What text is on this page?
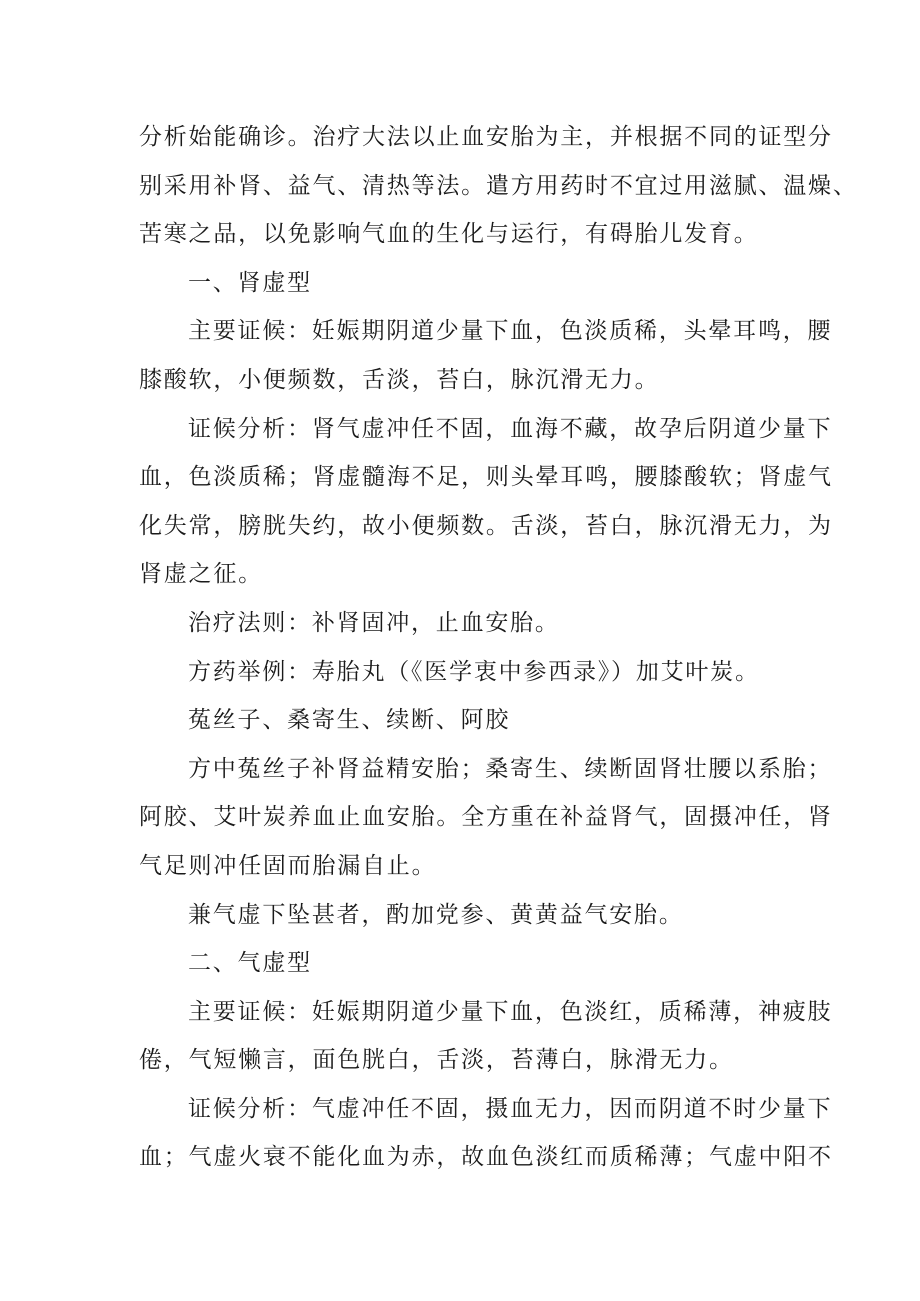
分析始能确诊。治疗大法以止血安胎为主，并根据不同的证型分
别采用补肾、益气、清热等法。遣方用药时不宜过用滋腻、温燥、
苦寒之品，以免影响气血的生化与运行，有碍胎儿发育。
一、肾虚型
主要证候：妊娠期阴道少量下血，色淡质稀，头晕耳鸣，腰
膝酸软，小便频数，舌淡，苔白，脉沉滑无力。
证候分析：肾气虚冲任不固，血海不藏，故孕后阴道少量下
血，色淡质稀；肾虚髓海不足，则头晕耳鸣，腰膝酸软；肾虚气
化失常，膀胱失约，故小便频数。舌淡，苔白，脉沉滑无力，为
肾虚之征。
治疗法则：补肾固冲，止血安胎。
方药举例：寿胎丸（《医学衷中参西录》）加艾叶炭。
菟丝子、桑寄生、续断、阿胶
方中菟丝子补肾益精安胎；桑寄生、续断固肾壮腰以系胎；
阿胶、艾叶炭养血止血安胎。全方重在补益肾气，固摄冲任，肾
气足则冲任固而胎漏自止。
兼气虚下坠甚者，酌加党参、黄黄益气安胎。
二、气虚型
主要证候：妊娠期阴道少量下血，色淡红，质稀薄，神疲肢
倦，气短懒言，面色胱白，舌淡，苔薄白，脉滑无力。
证候分析：气虚冲任不固，摄血无力，因而阴道不时少量下
血；气虚火衰不能化血为赤，故血色淡红而质稀薄；气虚中阳不
